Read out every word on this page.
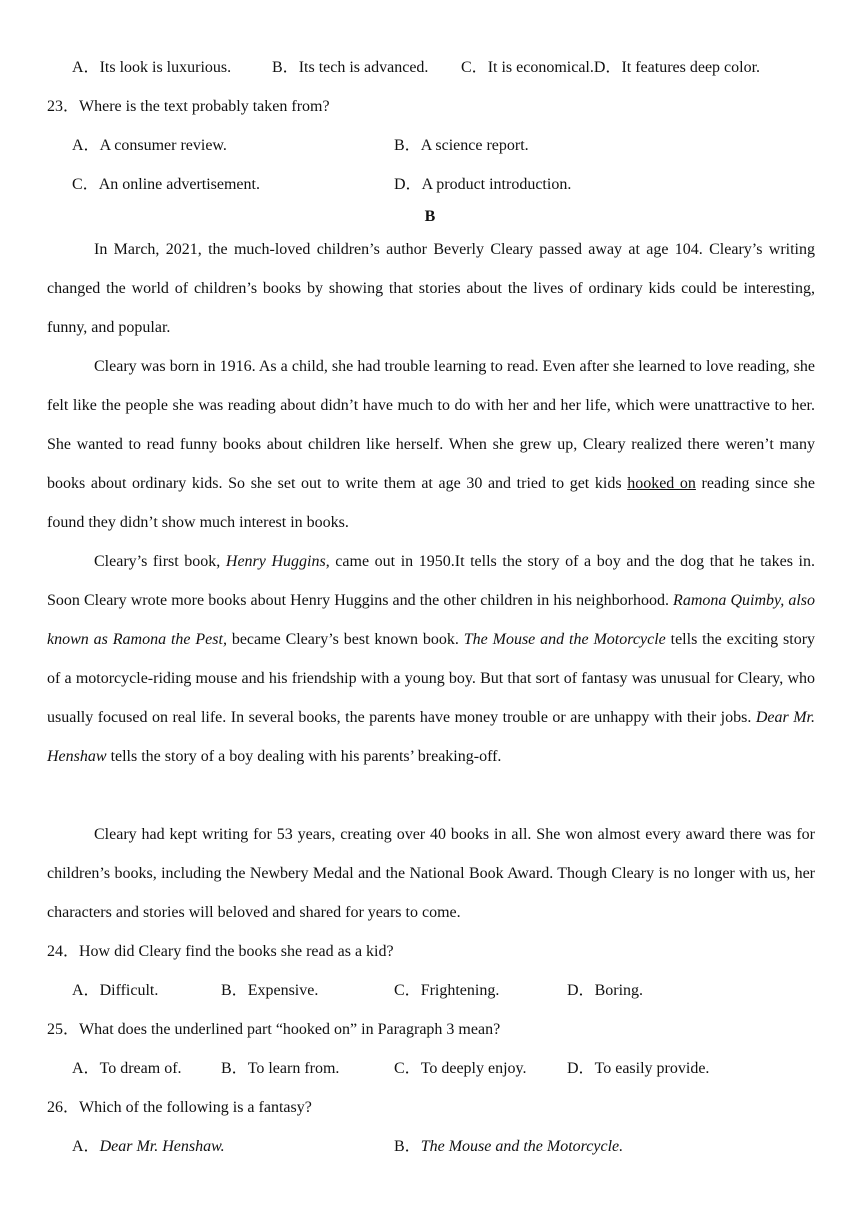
A．Its look is luxurious.	B．Its tech is advanced. C．It is economical.D．It features deep color.
23．Where is the text probably taken from?
A．A consumer review.	B．A science report.
C．An online advertisement.	D．A product introduction.
B

In March, 2021, the much-loved children’s author Beverly Cleary passed away at age 104. Cleary’s writing changed the world of children’s books by showing that stories about the lives of ordinary kids could be interesting, funny, and popular.

Cleary was born in 1916. As a child, she had trouble learning to read. Even after she learned to love reading, she felt like the people she was reading about didn’t have much to do with her and her life, which were unattractive to her. She wanted to read funny books about children like herself. When she grew up, Cleary realized there weren’t many books about ordinary kids. So she set out to write them at age 30 and tried to get kids hooked on reading since she found they didn’t show much interest in books.

Cleary’s first book, Henry Huggins, came out in 1950.It tells the story of a boy and the dog that he takes in. Soon Cleary wrote more books about Henry Huggins and the other children in his neighborhood. Ramona Quimby, also known as Ramona the Pest, became Cleary’s best known book. The Mouse and the Motorcycle tells the exciting story of a motorcycle-riding mouse and his friendship with a young boy. But that sort of fantasy was unusual for Cleary, who usually focused on real life. In several books, the parents have money trouble or are unhappy with their jobs. Dear Mr. Henshaw tells the story of a boy dealing with his parents’ breaking-off.

Cleary had kept writing for 53 years, creating over 40 books in all. She won almost every award there was for children’s books, including the Newbery Medal and the National Book Award. Though Cleary is no longer with us, her characters and stories will beloved and shared for years to come.

24．How did Cleary find the books she read as a kid?
A．Difficult.	B．Expensive.	C．Frightening.	D．Boring.
25．What does the underlined part “hooked on” in Paragraph 3 mean?
A．To dream of. B．To learn from.	C．To deeply enjoy.	D．To easily provide.
26．Which of the following is a fantasy?
A．Dear Mr. Henshaw.	B．The Mouse and the Motorcycle.
